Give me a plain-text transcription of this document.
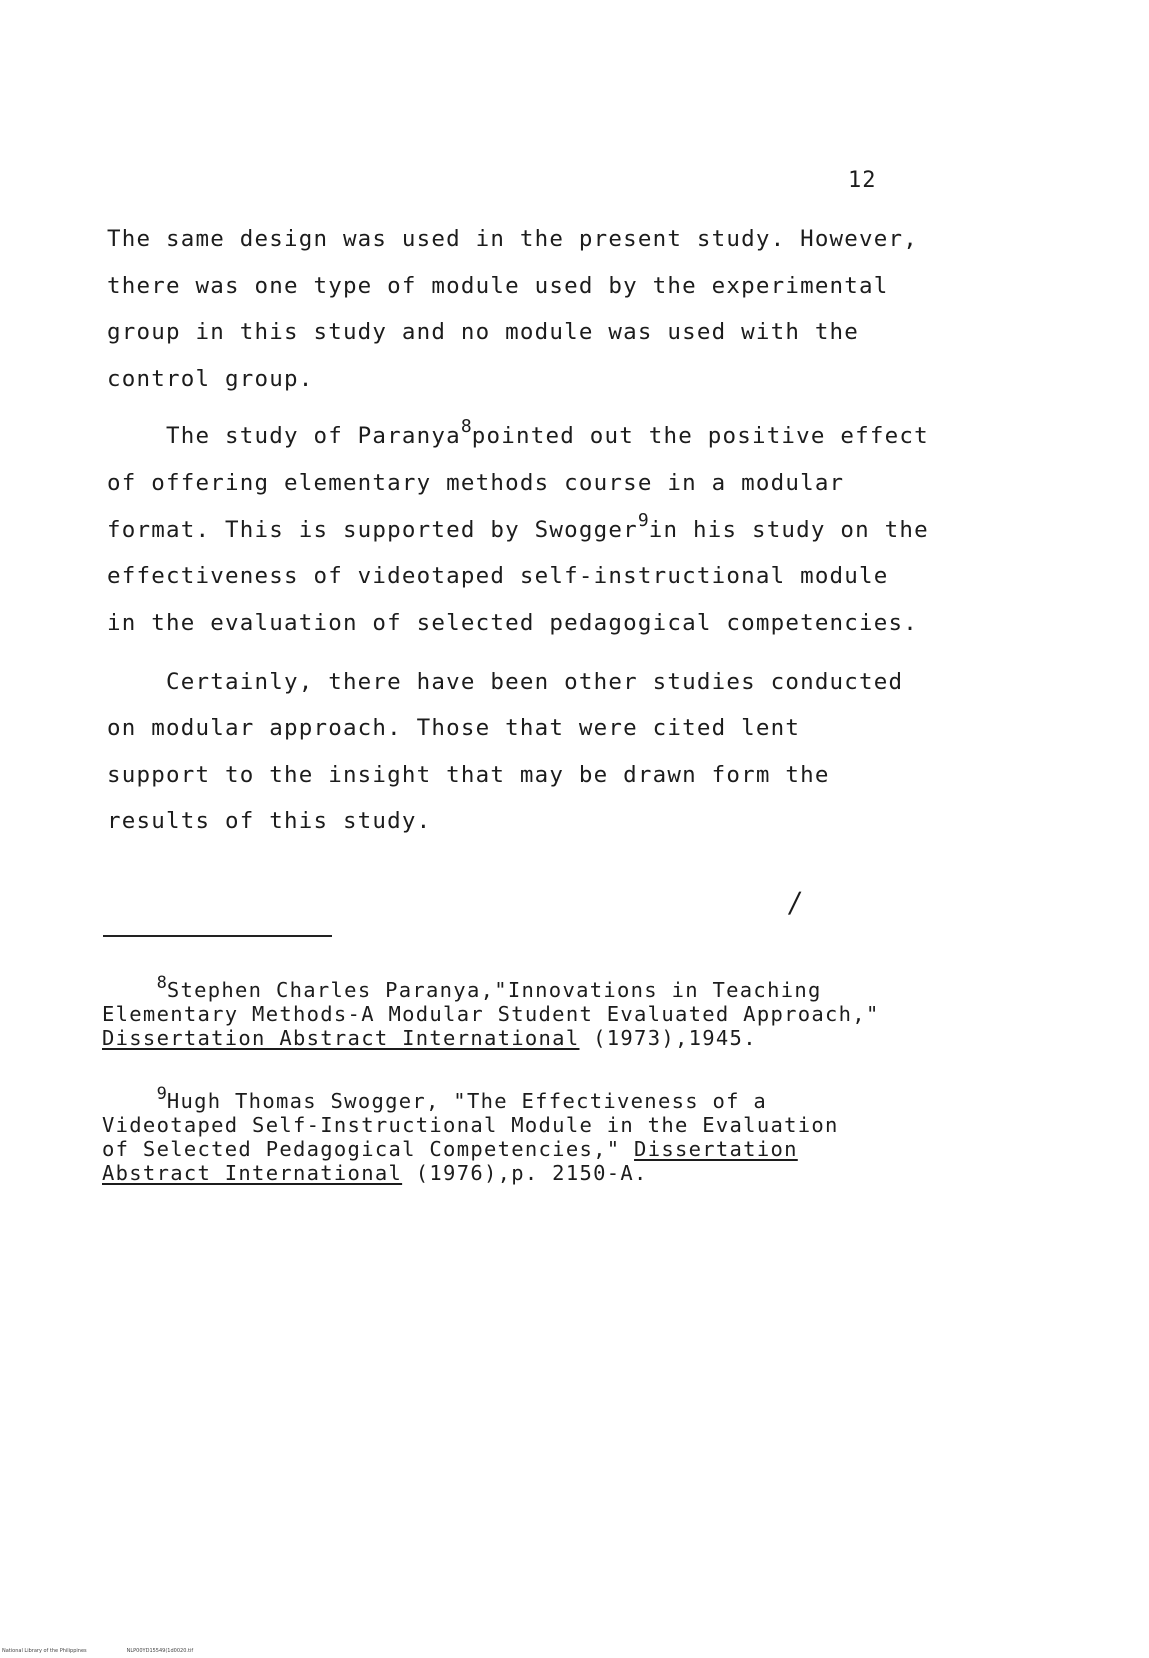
12
The same design was used in the present study. However,
there was one type of module used by the experimental
group in this study and no module was used with the
control group.
The study of Paranya$^8$pointed out the positive effect
of offering elementary methods course in a modular
format. This is supported by Swogger$^9$in his study on the
effectiveness of videotaped self-instructional module
in the evaluation of selected pedagogical competencies.
Certainly, there have been other studies conducted
on modular approach. Those that were cited lent
support to the insight that may be drawn form the
results of this study.
/
$^8$Stephen Charles Paranya,"Innovations in Teaching
Elementary Methods-A Modular Student Evaluated Approach,"
Dissertation Abstract International (1973),1945.
$^9$Hugh Thomas Swogger, "The Effectiveness of a
Videotaped Self-Instructional Module in the Evaluation
of Selected Pedagogical Competencies," Dissertation
Abstract International (1976),p. 2150-A.
National Library of the Philippines	NLP00YD15549(1d0020.tif
